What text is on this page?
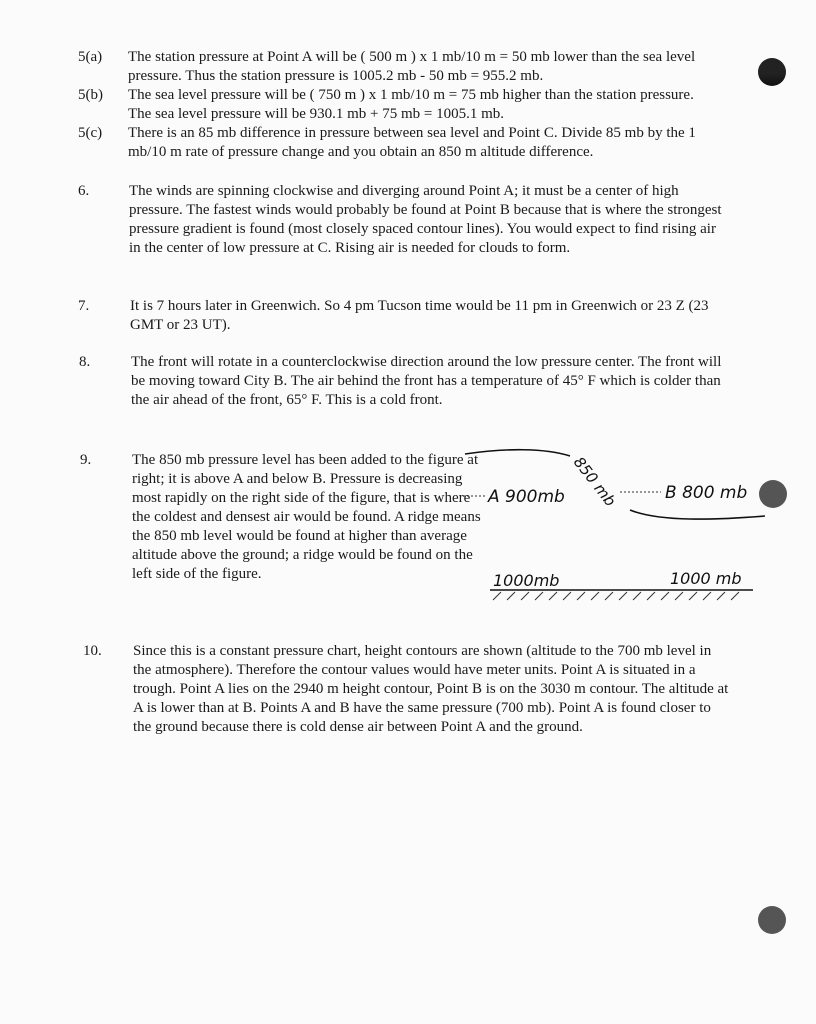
5(a) The station pressure at Point A will be ( 500 m ) x 1 mb/10 m = 50 mb lower than the sea level pressure. Thus the station pressure is 1005.2 mb - 50 mb = 955.2 mb.
5(b) The sea level pressure will be ( 750 m ) x 1 mb/10 m = 75 mb higher than the station pressure. The sea level pressure will be 930.1 mb + 75 mb = 1005.1 mb.
5(c) There is an 85 mb difference in pressure between sea level and Point C. Divide 85 mb by the 1 mb/10 m rate of pressure change and you obtain an 850 m altitude difference.
6.	The winds are spinning clockwise and diverging around Point A; it must be a center of high pressure. The fastest winds would probably be found at Point B because that is where the strongest pressure gradient is found (most closely spaced contour lines). You would expect to find rising air in the center of low pressure at C. Rising air is needed for clouds to form.
7.	It is 7 hours later in Greenwich. So 4 pm Tucson time would be 11 pm in Greenwich or 23 Z (23 GMT or 23 UT).
8.	The front will rotate in a counterclockwise direction around the low pressure center. The front will be moving toward City B. The air behind the front has a temperature of 45° F which is colder than the air ahead of the front, 65° F. This is a cold front.
9.	The 850 mb pressure level has been added to the figure at right; it is above A and below B. Pressure is decreasing most rapidly on the right side of the figure, that is where the coldest and densest air would be found. A ridge means the 850 mb level would be found at higher than average altitude above the ground; a ridge would be found on the left side of the figure.
10. Since this is a constant pressure chart, height contours are shown (altitude to the 700 mb level in the atmosphere). Therefore the contour values would have meter units. Point A is situated in a trough. Point A lies on the 2940 m height contour, Point B is on the 3030 m contour. The altitude at A is lower than at B. Points A and B have the same pressure (700 mb). Point A is found closer to the ground because there is cold dense air between Point A and the ground.
A 900mb	B 800 mb
850 mb
1000mb	1000 mb
